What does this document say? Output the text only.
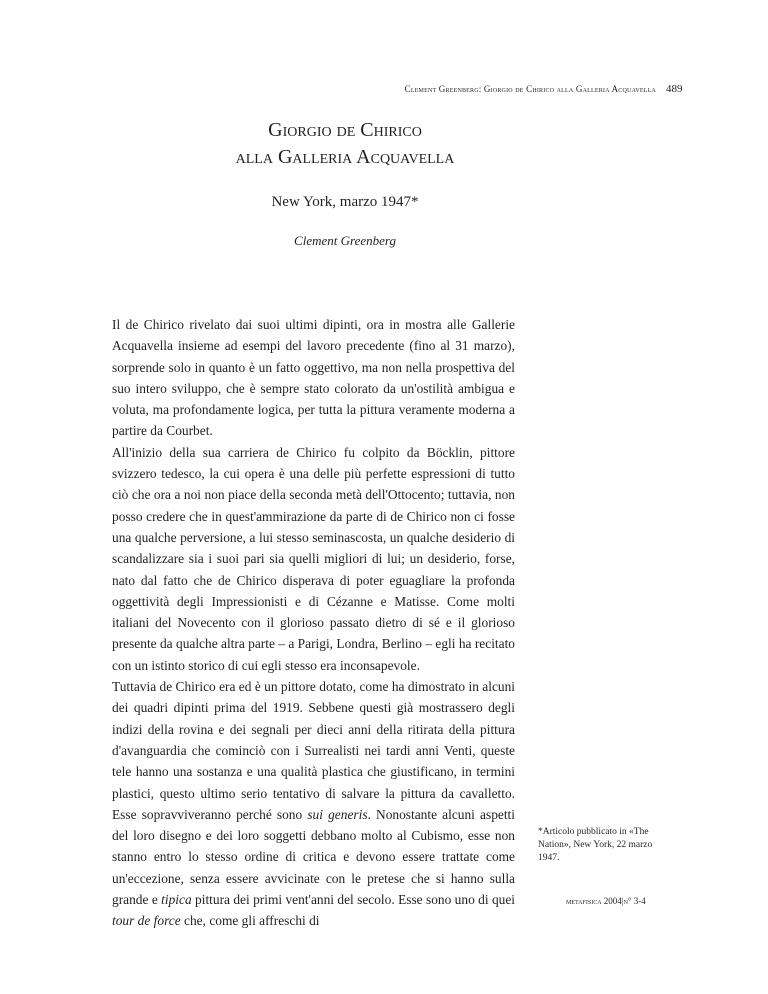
Clement Greenberg: Giorgio de Chirico alla Galleria Acquavella 489
Giorgio de Chirico
alla Galleria Acquavella
New York, marzo 1947*
Clement Greenberg

Il de Chirico rivelato dai suoi ultimi dipinti, ora in mostra alle Gallerie Acquavella insieme ad esempi del lavoro precedente (fino al 31 marzo), sorprende solo in quanto è un fatto oggettivo, ma non nella prospettiva del suo intero sviluppo, che è sempre stato colorato da un'ostilità ambigua e voluta, ma profondamente logica, per tutta la pittura veramente moderna a partire da Courbet.

All'inizio della sua carriera de Chirico fu colpito da Böcklin, pittore svizzero tedesco, la cui opera è una delle più perfette espressioni di tutto ciò che ora a noi non piace della seconda metà dell'Ottocento; tuttavia, non posso credere che in quest'ammirazione da parte di de Chirico non ci fosse una qualche perversione, a lui stesso seminascosta, un qualche desiderio di scandalizzare sia i suoi pari sia quelli migliori di lui; un desiderio, forse, nato dal fatto che de Chirico disperava di poter eguagliare la profonda oggettività degli Impressionisti e di Cézanne e Matisse. Come molti italiani del Novecento con il glorioso passato dietro di sé e il glorioso presente da qualche altra parte – a Parigi, Londra, Berlino – egli ha recitato con un istinto storico di cui egli stesso era inconsapevole.

Tuttavia de Chirico era ed è un pittore dotato, come ha dimostrato in alcuni dei quadri dipinti prima del 1919. Sebbene questi già mostrassero degli indizi della rovina e dei segnali per dieci anni della ritirata della pittura d'avanguardia che cominciò con i Surrealisti nei tardi anni Venti, queste tele hanno una sostanza e una qualità plastica che giustificano, in termini plastici, questo ultimo serio tentativo di salvare la pittura da cavalletto. Esse sopravviveranno perché sono sui generis. Nonostante alcuni aspetti del loro disegno e dei loro soggetti debbano molto al Cubismo, esse non stanno entro lo stesso ordine di critica e devono essere trattate come un'eccezione, senza essere avvicinate con le pretese che si hanno sulla grande e tipica pittura dei primi vent'anni del secolo. Esse sono uno di quei tour de force che, come gli affreschi di

*Articolo pubblicato in «The Nation», New York, 22 marzo 1947.
metafisica 2004|n° 3-4
